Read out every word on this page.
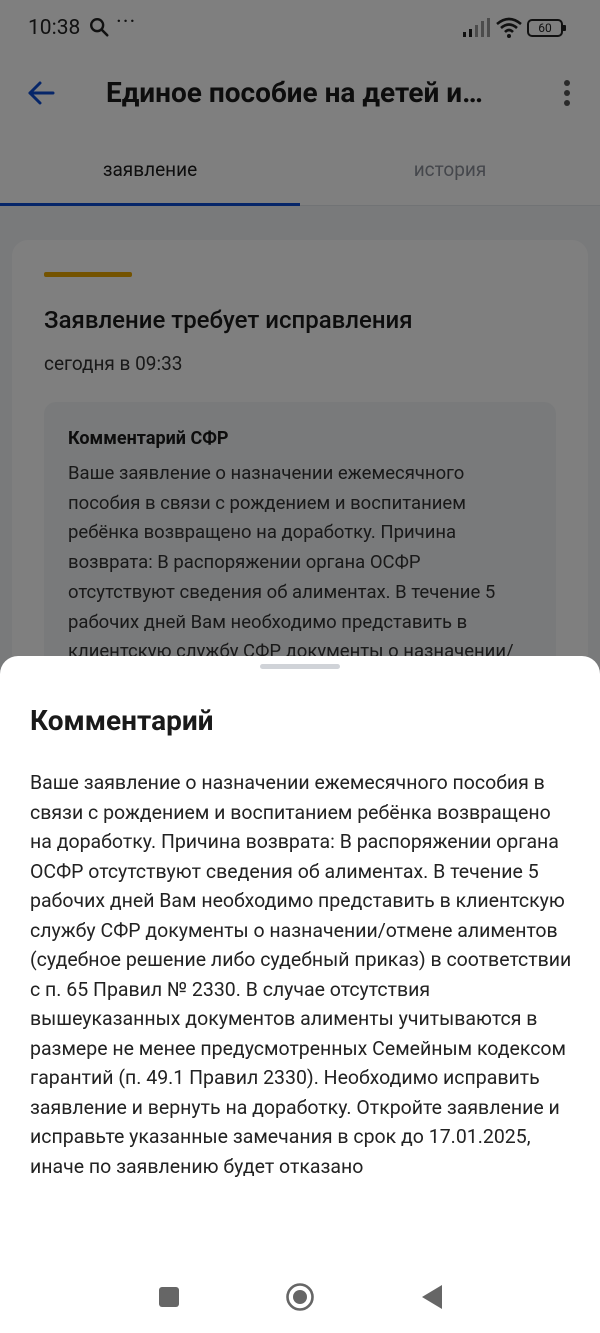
Комментарий
Ваше заявление о назначении ежемесячного пособия в связи с рождением и воспитанием ребёнка возвращено на доработку. Причина возврата: В распоряжении органа ОСФР отсутствуют сведения об алиментах. В течение 5 рабочих дней Вам необходимо представить в клиентскую службу СФР документы о назначении/отмене алиментов (судебное решение либо судебный приказ) в соответствии с п. 65 Правил № 2330. В случае отсутствия вышеуказанных документов алименты учитываются в размере не менее предусмотренных Семейным кодексом гарантий (п. 49.1 Правил 2330). Необходимо исправить заявление и вернуть на доработку. Откройте заявление и исправьте указанные замечания в срок до 17.01.2025, иначе по заявлению будет отказано
